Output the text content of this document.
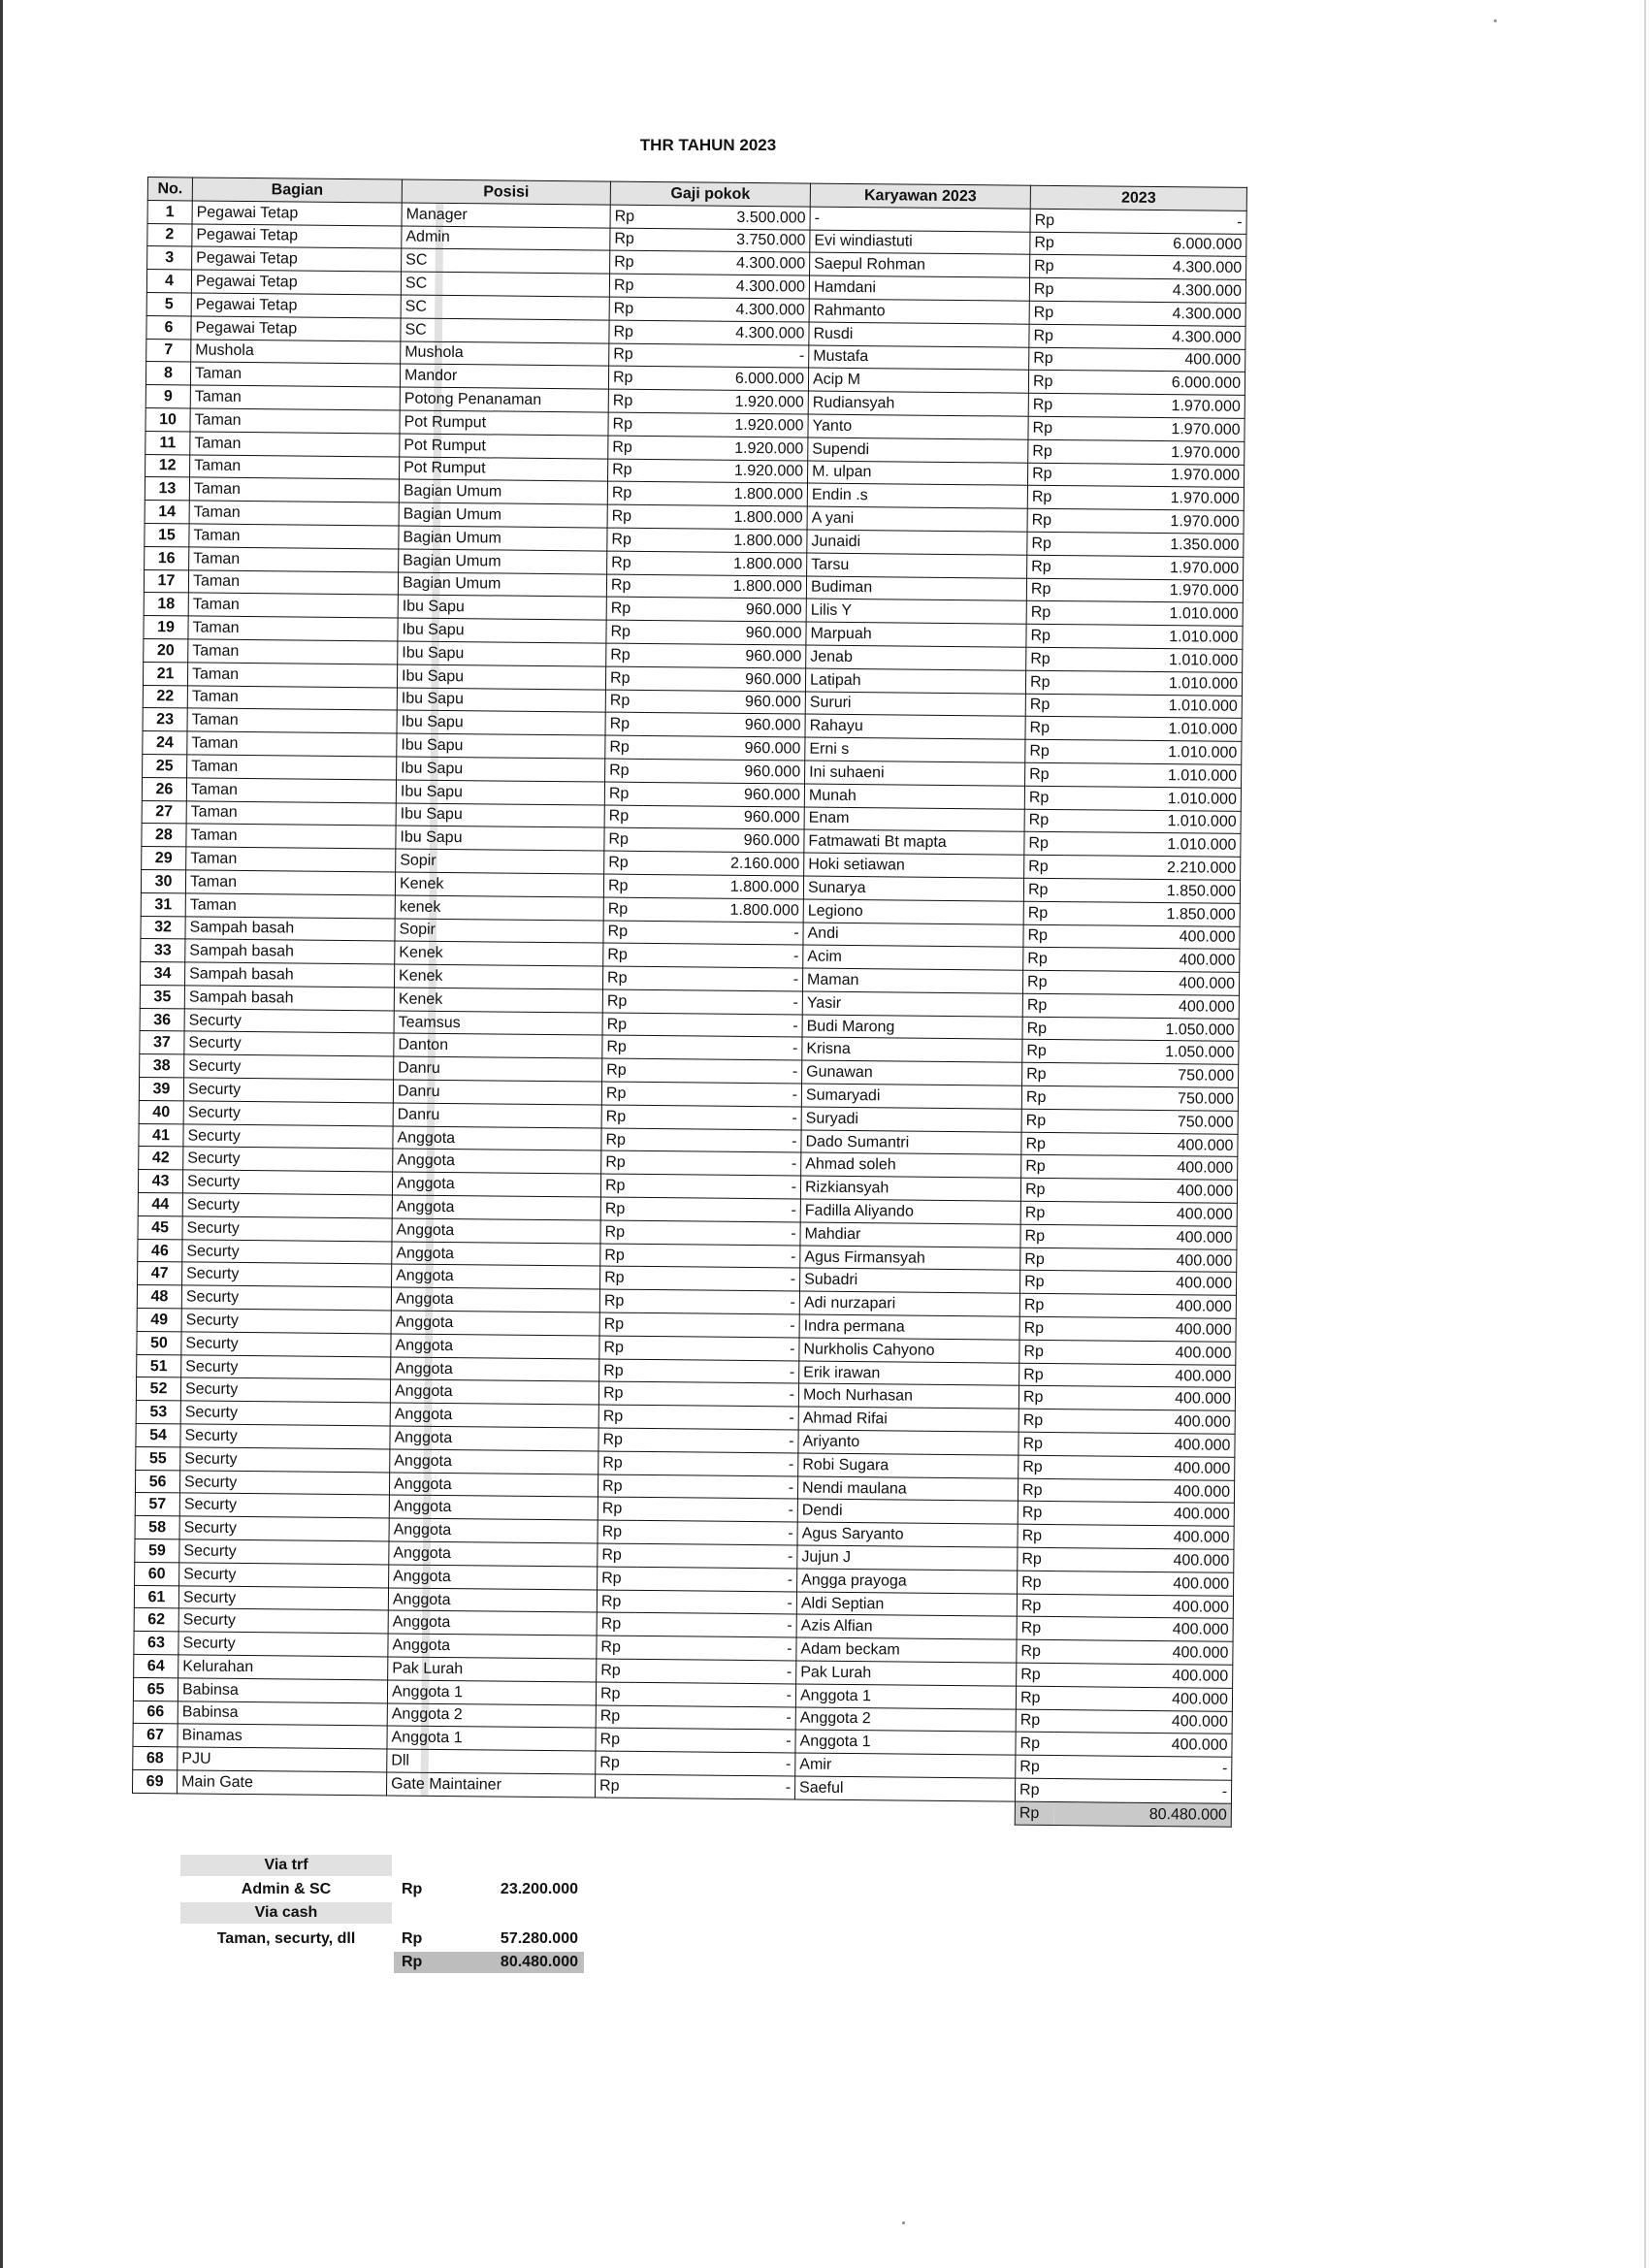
THR TAHUN 2023
No.	Bagian	Posisi	Gaji pokok		Karyawan 2023	2023	
1	Pegawai Tetap	Manager	Rp	3.500.000	-	Rp	-
2	Pegawai Tetap	Admin	Rp	3.750.000	Evi windiastuti	Rp	6.000.000
3	Pegawai Tetap	SC	Rp	4.300.000	Saepul Rohman	Rp	4.300.000
4	Pegawai Tetap	SC	Rp	4.300.000	Hamdani	Rp	4.300.000
5	Pegawai Tetap	SC	Rp	4.300.000	Rahmanto	Rp	4.300.000
6	Pegawai Tetap	SC	Rp	4.300.000	Rusdi	Rp	4.300.000
7	Mushola	Mushola	Rp	-	Mustafa	Rp	400.000
8	Taman	Mandor	Rp	6.000.000	Acip M	Rp	6.000.000
9	Taman	Potong Penanaman	Rp	1.920.000	Rudiansyah	Rp	1.970.000
10	Taman	Pot Rumput	Rp	1.920.000	Yanto	Rp	1.970.000
11	Taman	Pot Rumput	Rp	1.920.000	Supendi	Rp	1.970.000
12	Taman	Pot Rumput	Rp	1.920.000	M. ulpan	Rp	1.970.000
13	Taman	Bagian Umum	Rp	1.800.000	Endin .s	Rp	1.970.000
14	Taman	Bagian Umum	Rp	1.800.000	A yani	Rp	1.970.000
15	Taman	Bagian Umum	Rp	1.800.000	Junaidi	Rp	1.350.000
16	Taman	Bagian Umum	Rp	1.800.000	Tarsu	Rp	1.970.000
17	Taman	Bagian Umum	Rp	1.800.000	Budiman	Rp	1.970.000
18	Taman	Ibu Sapu	Rp	960.000	Lilis Y	Rp	1.010.000
19	Taman	Ibu Sapu	Rp	960.000	Marpuah	Rp	1.010.000
20	Taman	Ibu Sapu	Rp	960.000	Jenab	Rp	1.010.000
21	Taman	Ibu Sapu	Rp	960.000	Latipah	Rp	1.010.000
22	Taman	Ibu Sapu	Rp	960.000	Sururi	Rp	1.010.000
23	Taman	Ibu Sapu	Rp	960.000	Rahayu	Rp	1.010.000
24	Taman	Ibu Sapu	Rp	960.000	Erni s	Rp	1.010.000
25	Taman	Ibu Sapu	Rp	960.000	Ini suhaeni	Rp	1.010.000
26	Taman	Ibu Sapu	Rp	960.000	Munah	Rp	1.010.000
27	Taman	Ibu Sapu	Rp	960.000	Enam	Rp	1.010.000
28	Taman	Ibu Sapu	Rp	960.000	Fatmawati Bt mapta	Rp	1.010.000
29	Taman	Sopir	Rp	2.160.000	Hoki setiawan	Rp	2.210.000
30	Taman	Kenek	Rp	1.800.000	Sunarya	Rp	1.850.000
31	Taman	kenek	Rp	1.800.000	Legiono	Rp	1.850.000
32	Sampah basah	Sopir	Rp	-	Andi	Rp	400.000
33	Sampah basah	Kenek	Rp	-	Acim	Rp	400.000
34	Sampah basah	Kenek	Rp	-	Maman	Rp	400.000
35	Sampah basah	Kenek	Rp	-	Yasir	Rp	400.000
36	Securty	Teamsus	Rp	-	Budi Marong	Rp	1.050.000
37	Securty	Danton	Rp	-	Krisna	Rp	1.050.000
38	Securty	Danru	Rp	-	Gunawan	Rp	750.000
39	Securty	Danru	Rp	-	Sumaryadi	Rp	750.000
40	Securty	Danru	Rp	-	Suryadi	Rp	750.000
41	Securty	Anggota	Rp	-	Dado Sumantri	Rp	400.000
42	Securty	Anggota	Rp	-	Ahmad soleh	Rp	400.000
43	Securty	Anggota	Rp	-	Rizkiansyah	Rp	400.000
44	Securty	Anggota	Rp	-	Fadilla Aliyando	Rp	400.000
45	Securty	Anggota	Rp	-	Mahdiar	Rp	400.000
46	Securty	Anggota	Rp	-	Agus Firmansyah	Rp	400.000
47	Securty	Anggota	Rp	-	Subadri	Rp	400.000
48	Securty	Anggota	Rp	-	Adi nurzapari	Rp	400.000
49	Securty	Anggota	Rp	-	Indra permana	Rp	400.000
50	Securty	Anggota	Rp	-	Nurkholis Cahyono	Rp	400.000
51	Securty	Anggota	Rp	-	Erik irawan	Rp	400.000
52	Securty	Anggota	Rp	-	Moch Nurhasan	Rp	400.000
53	Securty	Anggota	Rp	-	Ahmad Rifai	Rp	400.000
54	Securty	Anggota	Rp	-	Ariyanto	Rp	400.000
55	Securty	Anggota	Rp	-	Robi Sugara	Rp	400.000
56	Securty	Anggota	Rp	-	Nendi maulana	Rp	400.000
57	Securty	Anggota	Rp	-	Dendi	Rp	400.000
58	Securty	Anggota	Rp	-	Agus Saryanto	Rp	400.000
59	Securty	Anggota	Rp	-	Jujun J	Rp	400.000
60	Securty	Anggota	Rp	-	Angga prayoga	Rp	400.000
61	Securty	Anggota	Rp	-	Aldi Septian	Rp	400.000
62	Securty	Anggota	Rp	-	Azis Alfian	Rp	400.000
63	Securty	Anggota	Rp	-	Adam beckam	Rp	400.000
64	Kelurahan	Pak Lurah	Rp	-	Pak Lurah	Rp	400.000
65	Babinsa	Anggota 1	Rp	-	Anggota 1	Rp	400.000
66	Babinsa	Anggota 2	Rp	-	Anggota 2	Rp	400.000
67	Binamas	Anggota 1	Rp	-	Anggota 1	Rp	400.000
68	PJU	Dll	Rp	-	Amir	Rp	-
69	Main Gate	Gate Maintainer	Rp	-	Saeful	Rp	-
						Rp	80.480.000
Via trf
Admin & SC	Rp	23.200.000
Via cash
Taman, securty, dll	Rp	57.280.000
Rp	80.480.000
